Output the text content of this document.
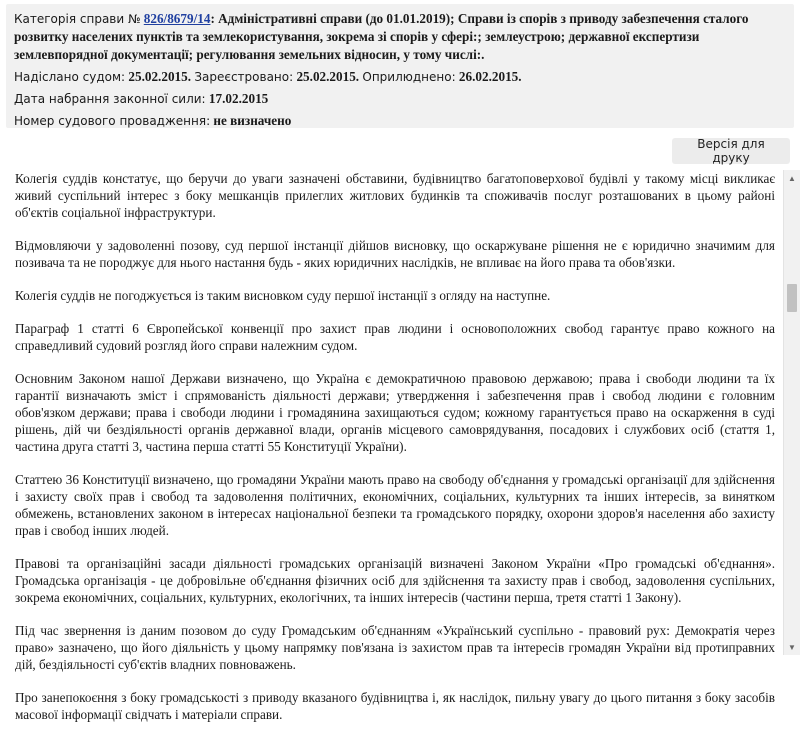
Категорія справи № 826/8679/14: Адміністративні справи (до 01.01.2019); Справи із спорів з приводу забезпечення сталого розвитку населених пунктів та землекористування, зокрема зі спорів у сфері:; землеустрою; державної експертизи землевпорядної документації; регулювання земельних відносин, у тому числі:.
Надіслано судом: 25.02.2015. Зареєстровано: 25.02.2015. Оприлюднено: 26.02.2015.
Дата набрання законної сили: 17.02.2015
Номер судового провадження: не визначено
Версія для друку

Колегія суддів констатує, що беручи до уваги зазначені обставини, будівництво багатоповерхової будівлі у такому місці викликає живий суспільний інтерес з боку мешканців прилеглих житлових будинків та споживачів послуг розташованих в цьому районі об'єктів соціальної інфраструктури.

Відмовляючи у задоволенні позову, суд першої інстанції дійшов висновку, що оскаржуване рішення не є юридично значимим для позивача та не породжує для нього настання будь - яких юридичних наслідків, не впливає на його права та обов'язки.

Колегія суддів не погоджується із таким висновком суду першої інстанції з огляду на наступне.

Параграф 1 статті 6 Європейської конвенції про захист прав людини і основоположних свобод гарантує право кожного на справедливий судовий розгляд його справи належним судом.

Основним Законом нашої Держави визначено, що Україна є демократичною правовою державою; права і свободи людини та їх гарантії визначають зміст і спрямованість діяльності держави; утвердження і забезпечення прав і свобод людини є головним обов'язком держави; права і свободи людини і громадянина захищаються судом; кожному гарантується право на оскарження в суді рішень, дій чи бездіяльності органів державної влади, органів місцевого самоврядування, посадових і службових осіб (стаття 1, частина друга статті 3, частина перша статті 55 Конституції України).

Статтею 36 Конституції визначено, що громадяни України мають право на свободу об'єднання у громадські організації для здійснення і захисту своїх прав і свобод та задоволення політичних, економічних, соціальних, культурних та інших інтересів, за винятком обмежень, встановлених законом в інтересах національної безпеки та громадського порядку, охорони здоров'я населення або захисту прав і свобод інших людей.

Правові та організаційні засади діяльності громадських організацій визначені Законом України «Про громадські об'єднання». Громадська організація - це добровільне об'єднання фізичних осіб для здійснення та захисту прав і свобод, задоволення суспільних, зокрема економічних, соціальних, культурних, екологічних, та інших інтересів (частини перша, третя статті 1 Закону).

Під час звернення із даним позовом до суду Громадським об'єднанням «Український суспільно - правовий рух: Демократія через право» зазначено, що його діяльність у цьому напрямку пов'язана із захистом прав та інтересів громадян України від протиправних дій, бездіяльності суб'єктів владних повноважень.

Про занепокоєння з боку громадськості з приводу вказаного будівництва і, як наслідок, пильну увагу до цього питання з боку засобів масової інформації свідчать і матеріали справи.

▲
▼
